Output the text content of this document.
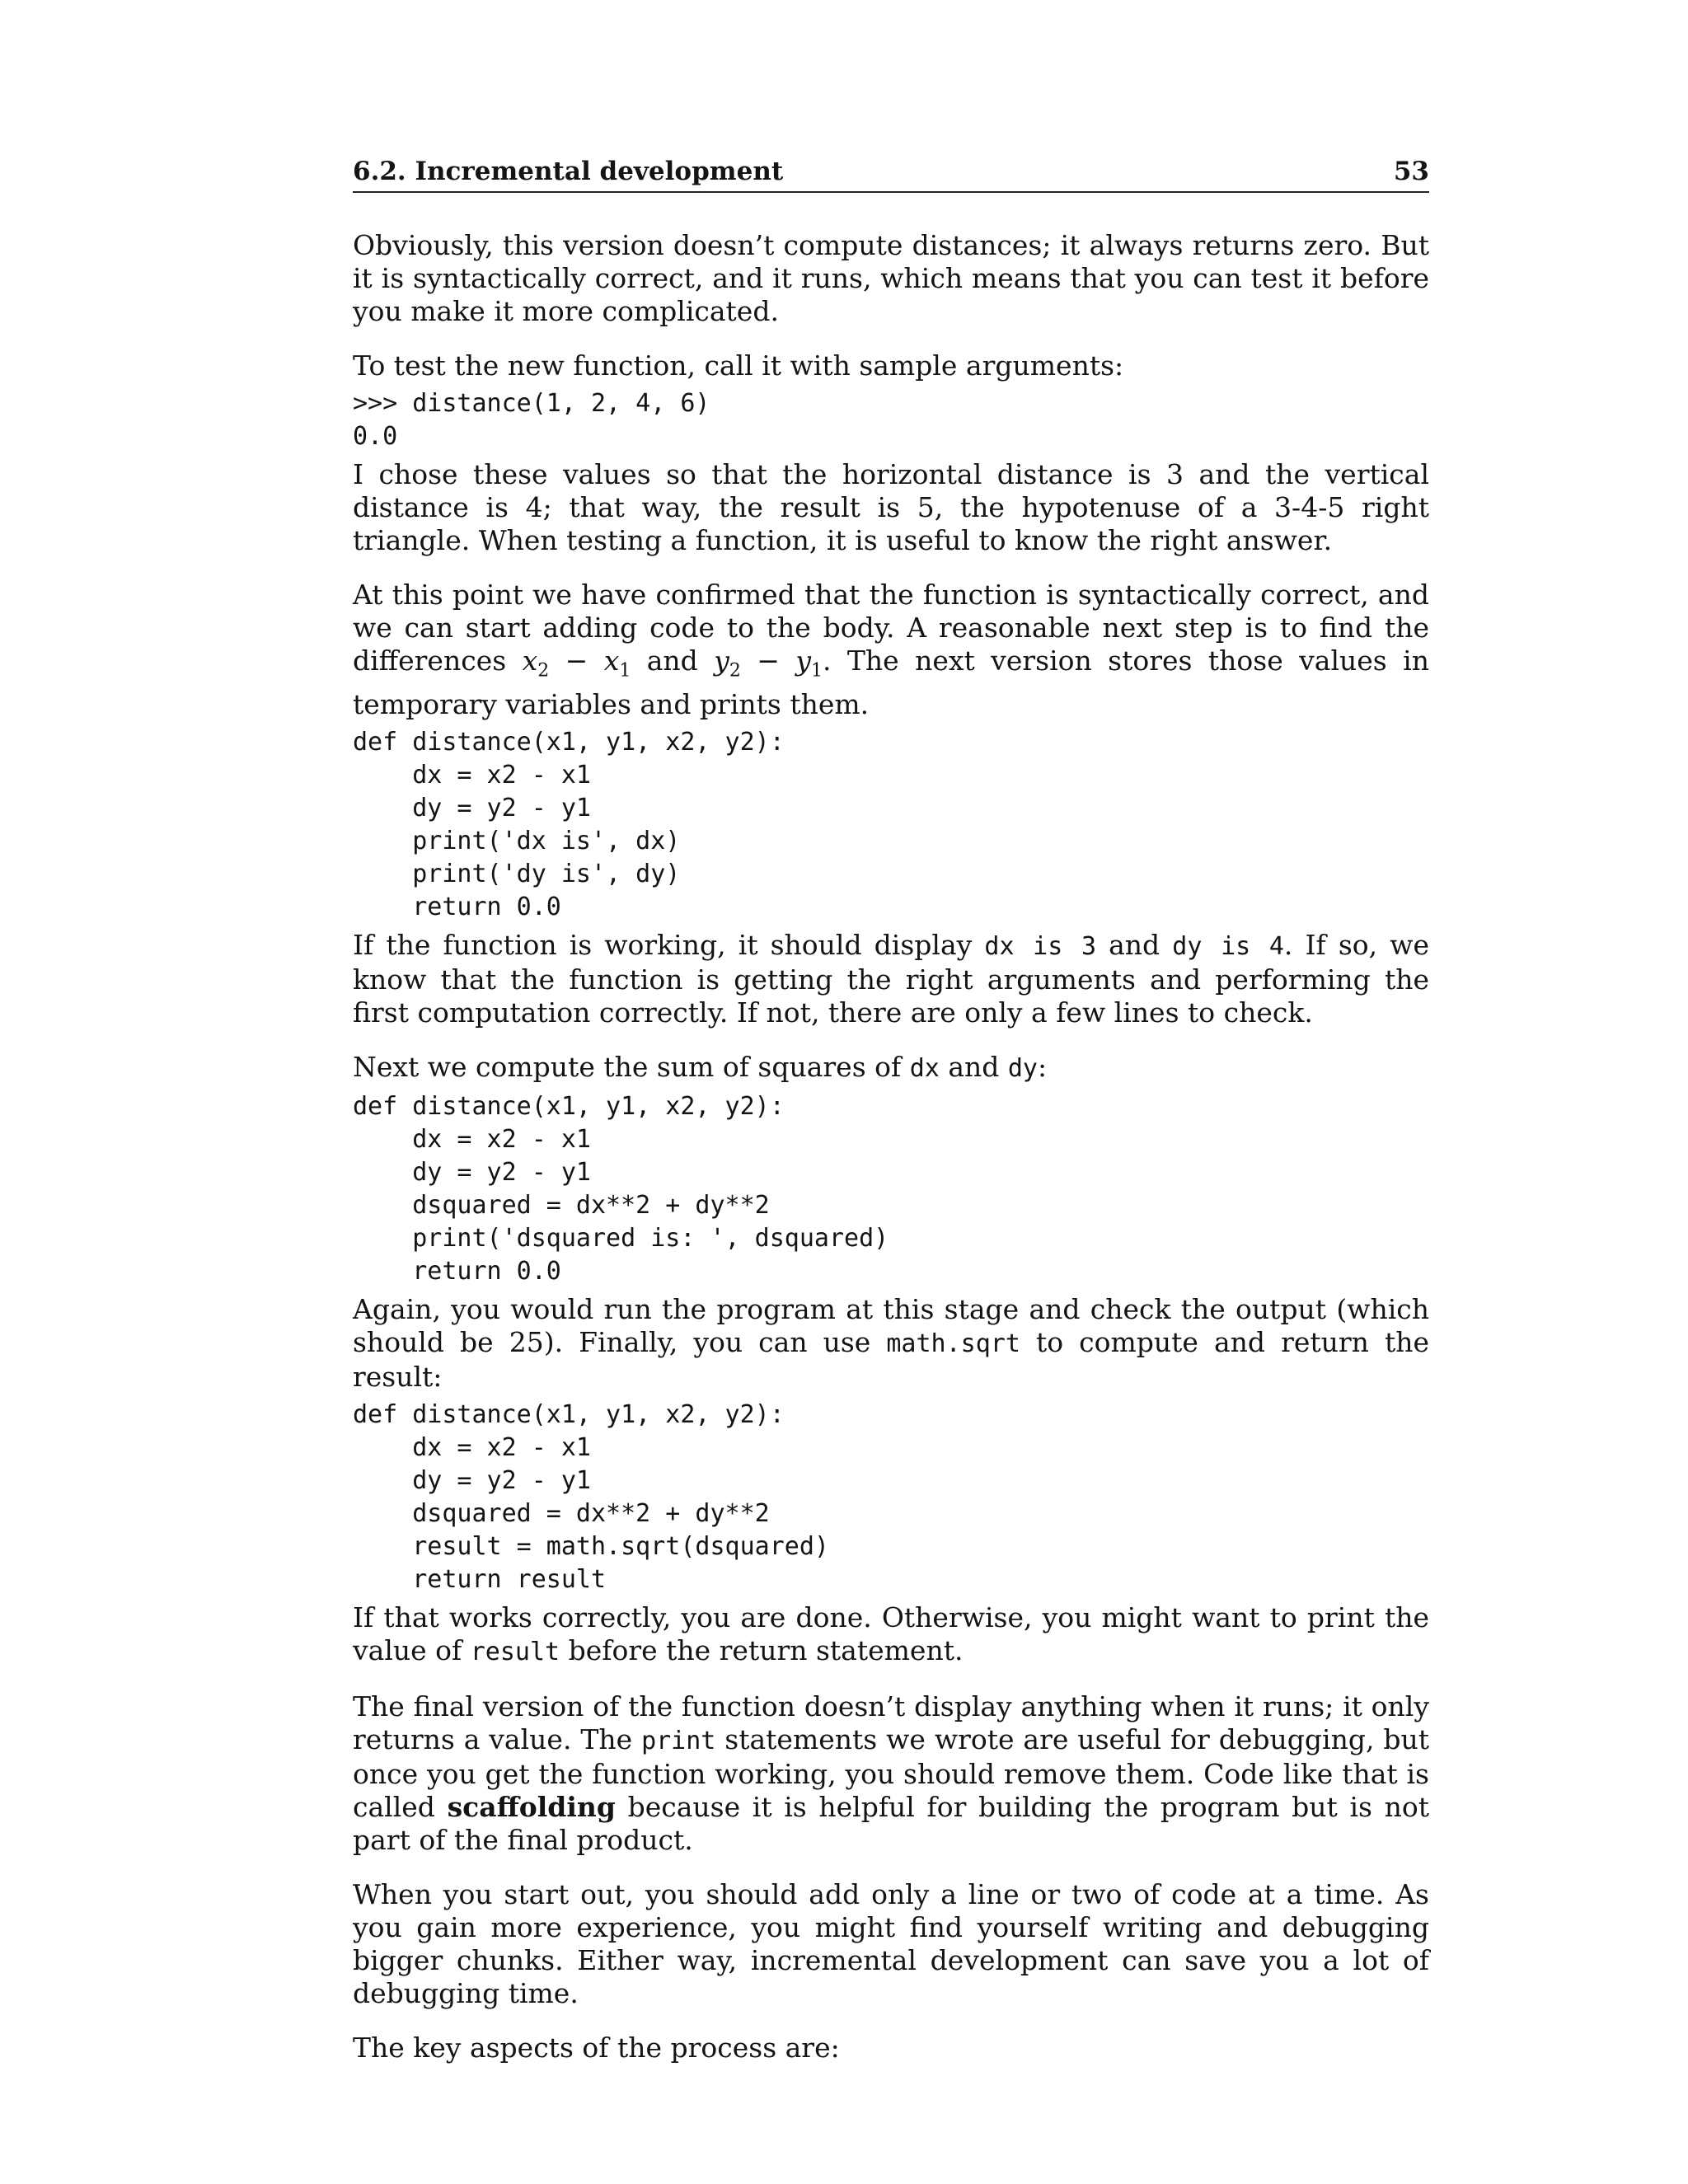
6.2. Incremental development	53

Obviously, this version doesn’t compute distances; it always returns zero. But it is syntactically correct, and it runs, which means that you can test it before you make it more complicated.

To test the new function, call it with sample arguments:

>>> distance(1, 2, 4, 6)
0.0

I chose these values so that the horizontal distance is 3 and the vertical distance is 4; that way, the result is 5, the hypotenuse of a 3-4-5 right triangle. When testing a function, it is useful to know the right answer.

At this point we have confirmed that the function is syntactically correct, and we can start adding code to the body. A reasonable next step is to find the differences $x_2 - x_1$ and $y_2 - y_1$. The next version stores those values in temporary variables and prints them.

def distance(x1, y1, x2, y2):
dx = x2 - x1
dy = y2 - y1
print('dx is', dx)
print('dy is', dy)
return 0.0

If the function is working, it should display dx is 3 and dy is 4. If so, we know that the function is getting the right arguments and performing the first computation correctly. If not, there are only a few lines to check.

Next we compute the sum of squares of dx and dy:

def distance(x1, y1, x2, y2):
dx = x2 - x1
dy = y2 - y1
dsquared = dx**2 + dy**2
print('dsquared is: ', dsquared)
return 0.0

Again, you would run the program at this stage and check the output (which should be 25). Finally, you can use math.sqrt to compute and return the result:

def distance(x1, y1, x2, y2):
dx = x2 - x1
dy = y2 - y1
dsquared = dx**2 + dy**2
result = math.sqrt(dsquared)
return result

If that works correctly, you are done. Otherwise, you might want to print the value of result before the return statement.

The final version of the function doesn’t display anything when it runs; it only returns a value. The print statements we wrote are useful for debugging, but once you get the function working, you should remove them. Code like that is called scaffolding because it is helpful for building the program but is not part of the final product.

When you start out, you should add only a line or two of code at a time. As you gain more experience, you might find yourself writing and debugging bigger chunks. Either way, incremental development can save you a lot of debugging time.

The key aspects of the process are:
